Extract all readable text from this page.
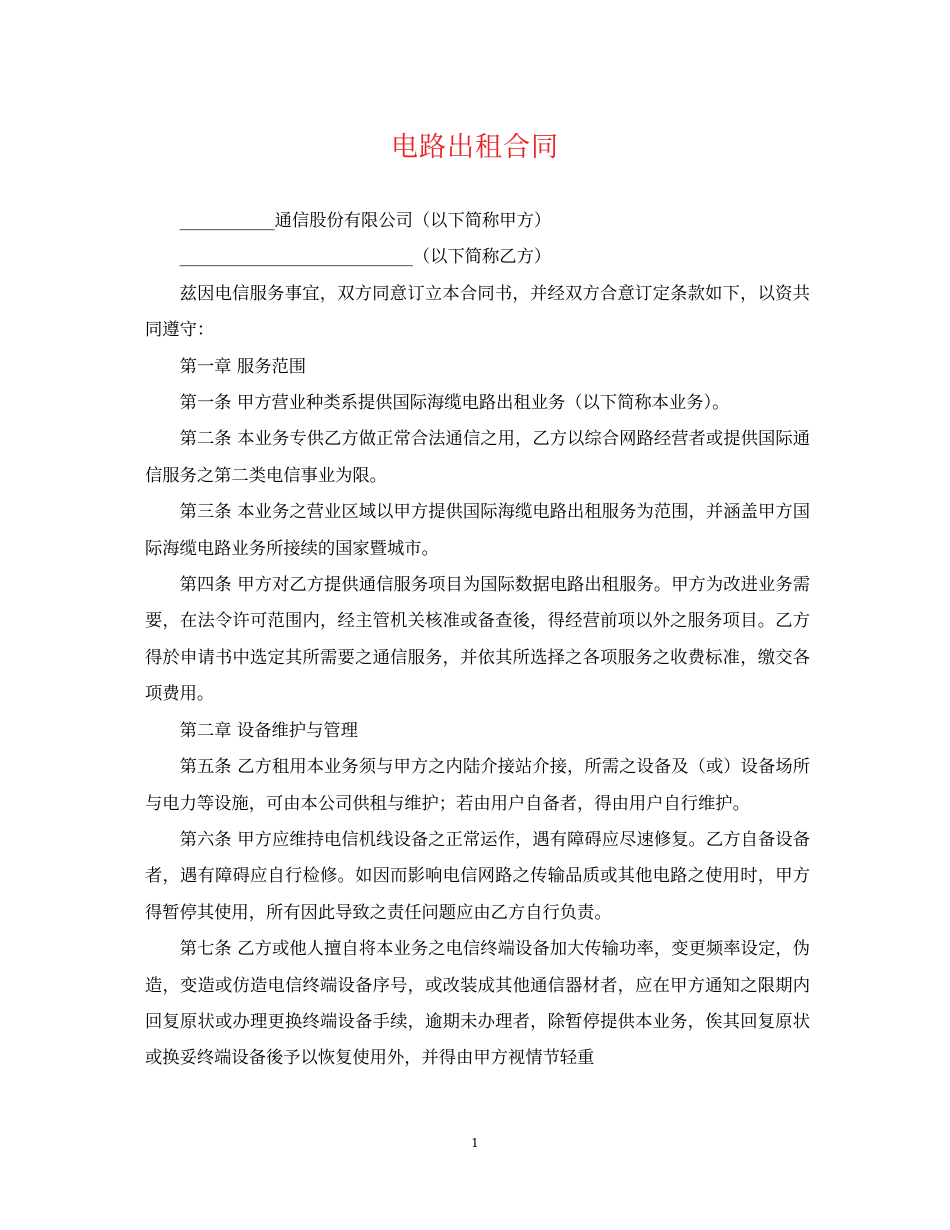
电路出租合同

___________通信股份有限公司（以下简称甲方）

___________________________（以下简称乙方）

兹因电信服务事宜，双方同意订立本合同书，并经双方合意订定条款如下，以资共同遵守：

第一章 服务范围

第一条 甲方营业种类系提供国际海缆电路出租业务（以下简称本业务）。

第二条 本业务专供乙方做正常合法通信之用，乙方以综合网路经营者或提供国际通信服务之第二类电信事业为限。

第三条 本业务之营业区域以甲方提供国际海缆电路出租服务为范围，并涵盖甲方国际海缆电路业务所接续的国家暨城市。

第四条 甲方对乙方提供通信服务项目为国际数据电路出租服务。甲方为改进业务需要，在法令许可范围内，经主管机关核准或备查後，得经营前项以外之服务项目。乙方得於申请书中选定其所需要之通信服务，并依其所选择之各项服务之收费标准，缴交各项费用。

第二章 设备维护与管理

第五条 乙方租用本业务须与甲方之内陆介接站介接，所需之设备及（或）设备场所与电力等设施，可由本公司供租与维护；若由用户自备者，得由用户自行维护。

第六条 甲方应维持电信机线设备之正常运作，遇有障碍应尽速修复。乙方自备设备者，遇有障碍应自行检修。如因而影响电信网路之传输品质或其他电路之使用时，甲方得暂停其使用，所有因此导致之责任问题应由乙方自行负责。

第七条 乙方或他人擅自将本业务之电信终端设备加大传输功率，变更频率设定，伪造，变造或仿造电信终端设备序号，或改装成其他通信器材者，应在甲方通知之限期内回复原状或办理更换终端设备手续，逾期未办理者，除暂停提供本业务，俟其回复原状或换妥终端设备後予以恢复使用外，并得由甲方视情节轻重

1
